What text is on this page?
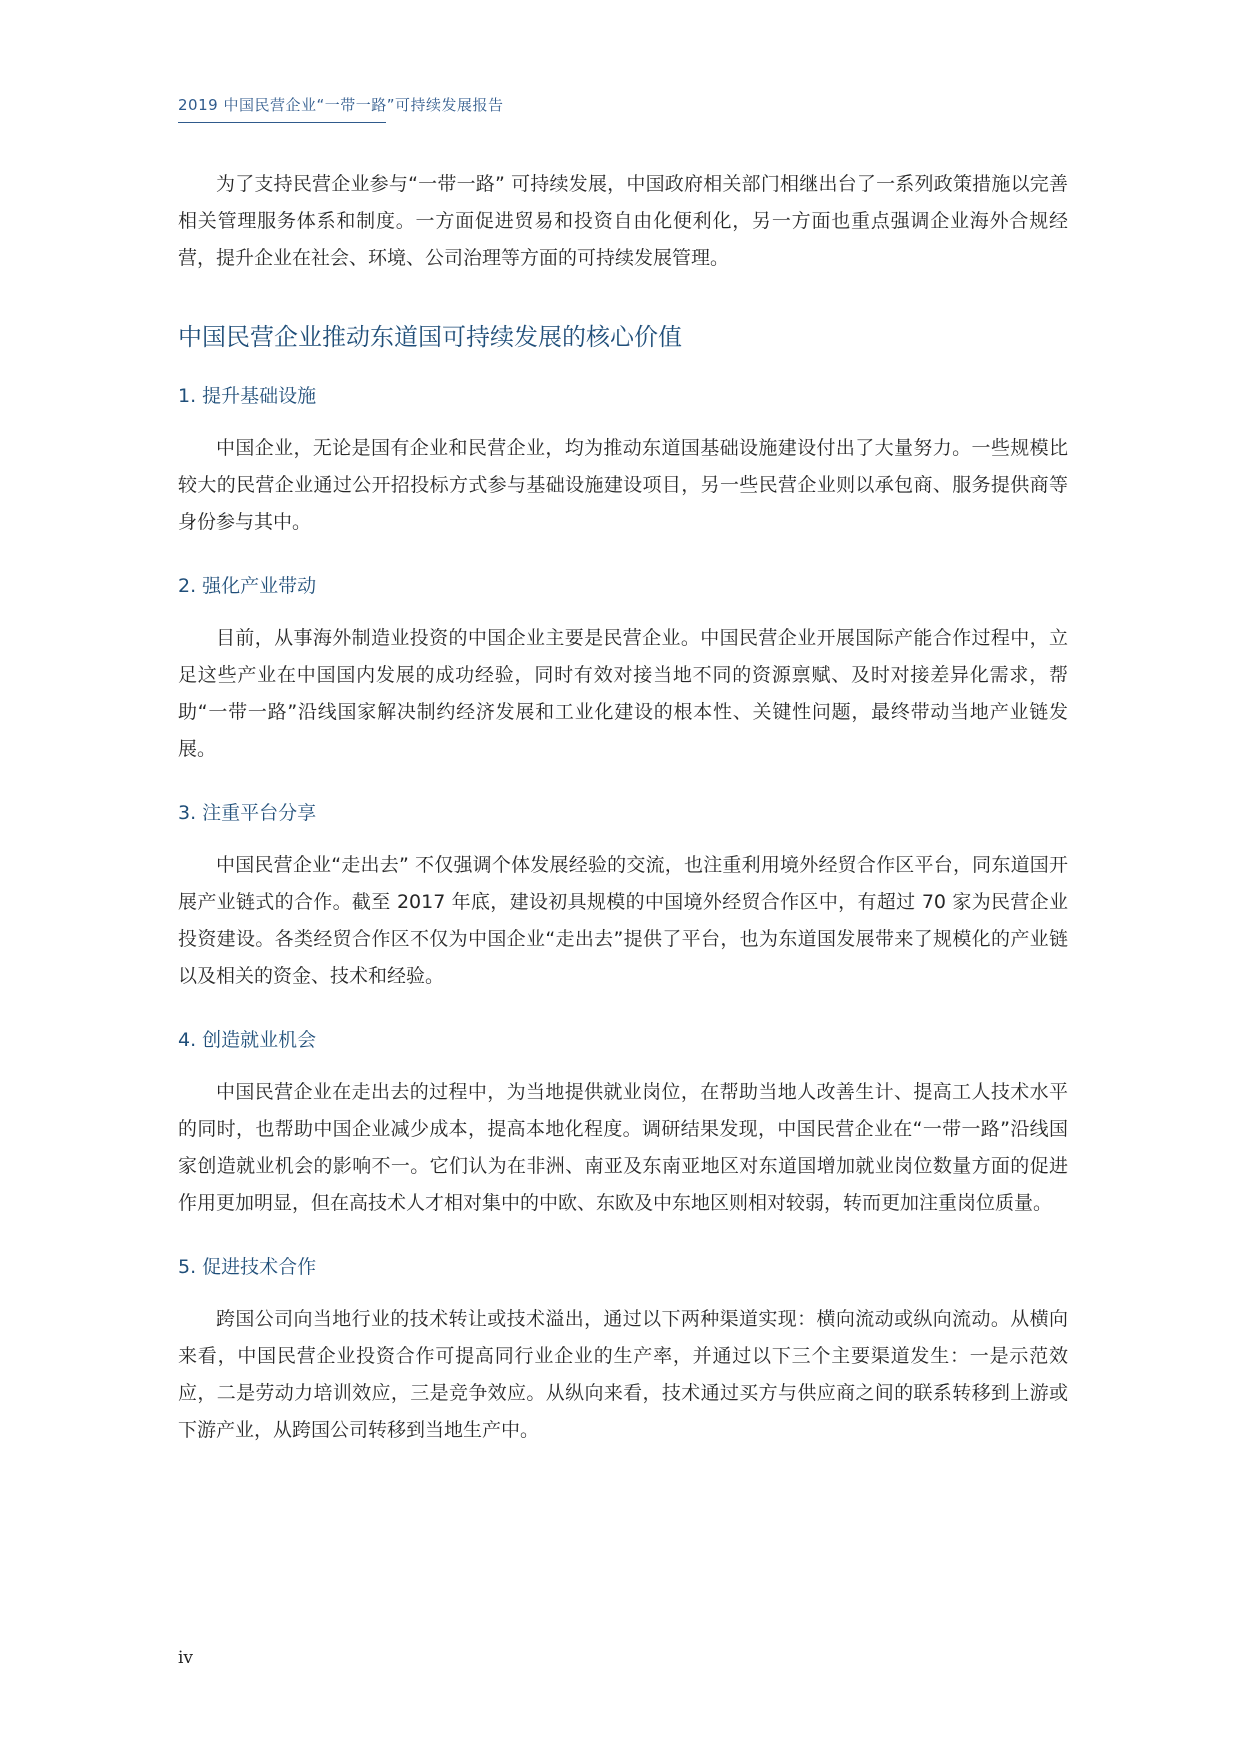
2019 中国民营企业“一带一路”可持续发展报告

为了支持民营企业参与“一带一路” 可持续发展，中国政府相关部门相继出台了一系列政策措施以完善相关管理服务体系和制度。一方面促进贸易和投资自由化便利化，另一方面也重点强调企业海外合规经营，提升企业在社会、环境、公司治理等方面的可持续发展管理。

中国民营企业推动东道国可持续发展的核心价值
1. 提升基础设施

中国企业，无论是国有企业和民营企业，均为推动东道国基础设施建设付出了大量努力。一些规模比较大的民营企业通过公开招投标方式参与基础设施建设项目，另一些民营企业则以承包商、服务提供商等身份参与其中。

2. 强化产业带动

目前，从事海外制造业投资的中国企业主要是民营企业。中国民营企业开展国际产能合作过程中，立足这些产业在中国国内发展的成功经验，同时有效对接当地不同的资源禀赋、及时对接差异化需求，帮助“一带一路”沿线国家解决制约经济发展和工业化建设的根本性、关键性问题，最终带动当地产业链发展。

3. 注重平台分享

中国民营企业“走出去” 不仅强调个体发展经验的交流，也注重利用境外经贸合作区平台，同东道国开展产业链式的合作。截至 2017 年底，建设初具规模的中国境外经贸合作区中，有超过 70 家为民营企业投资建设。各类经贸合作区不仅为中国企业“走出去”提供了平台，也为东道国发展带来了规模化的产业链以及相关的资金、技术和经验。

4. 创造就业机会

中国民营企业在走出去的过程中，为当地提供就业岗位，在帮助当地人改善生计、提高工人技术水平的同时，也帮助中国企业减少成本，提高本地化程度。调研结果发现，中国民营企业在“一带一路”沿线国家创造就业机会的影响不一。它们认为在非洲、南亚及东南亚地区对东道国增加就业岗位数量方面的促进作用更加明显，但在高技术人才相对集中的中欧、东欧及中东地区则相对较弱，转而更加注重岗位质量。

5. 促进技术合作

跨国公司向当地行业的技术转让或技术溢出，通过以下两种渠道实现：横向流动或纵向流动。从横向来看，中国民营企业投资合作可提高同行业企业的生产率，并通过以下三个主要渠道发生：一是示范效应，二是劳动力培训效应，三是竞争效应。从纵向来看，技术通过买方与供应商之间的联系转移到上游或下游产业，从跨国公司转移到当地生产中。

iv
